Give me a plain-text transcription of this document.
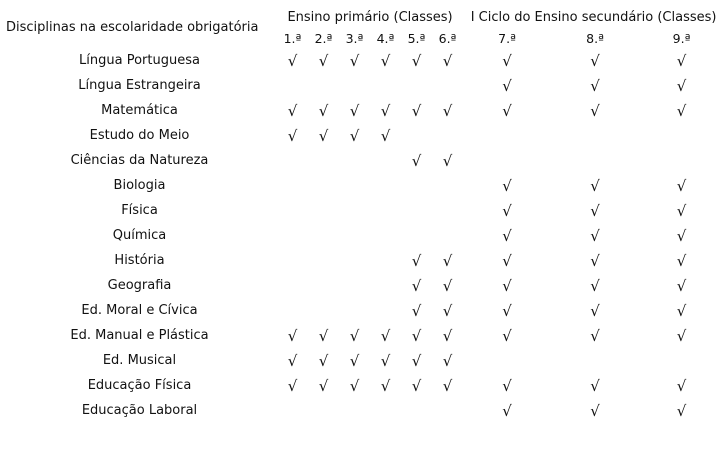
Disciplinas na escolaridade obrigatória	Ensino primário (Classes)						I Ciclo do Ensino secundário (Classes)		
	1.ª	2.ª	3.ª	4.ª	5.ª	6.ª	7.ª	8.ª	9.ª
Língua Portuguesa	√	√	√	√	√	√	√	√	√
Língua Estrangeira							√	√	√
Matemática	√	√	√	√	√	√	√	√	√
Estudo do Meio	√	√	√	√					
Ciências da Natureza					√	√			
Biologia							√	√	√
Física							√	√	√
Química							√	√	√
História					√	√	√	√	√
Geografia					√	√	√	√	√
Ed. Moral e Cívica					√	√	√	√	√
Ed. Manual e Plástica	√	√	√	√	√	√	√	√	√
Ed. Musical	√	√	√	√	√	√			
Educação Física	√	√	√	√	√	√	√	√	√
Educação Laboral							√	√	√
